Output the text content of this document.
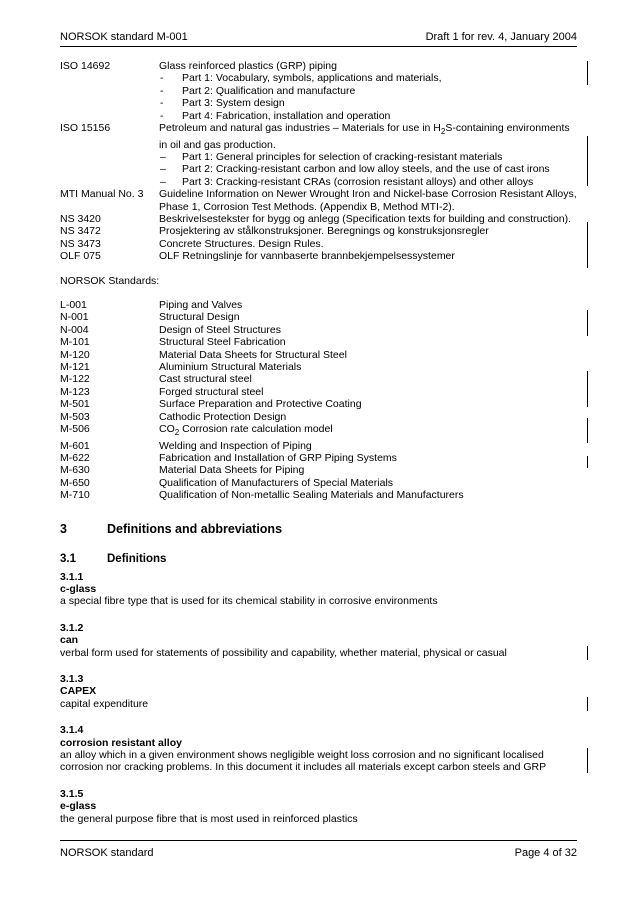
NORSOK standard M-001	Draft 1 for rev. 4, January 2004
ISO 14692	Glass reinforced plastics (GRP) piping
-	Part 1: Vocabulary, symbols, applications and materials,
-	Part 2: Qualification and manufacture
-	Part 3: System design
-	Part 4: Fabrication, installation and operation
ISO 15156	Petroleum and natural gas industries – Materials for use in $H_2S$-containing environments in oil and gas production.
–	Part 1: General principles for selection of cracking-resistant materials
–	Part 2: Cracking-resistant carbon and low alloy steels, and the use of cast irons
–	Part 3: Cracking-resistant CRAs (corrosion resistant alloys) and other alloys
MTI Manual No. 3	Guideline Information on Newer Wrought Iron and Nickel-base Corrosion Resistant Alloys, Phase 1, Corrosion Test Methods. (Appendix B, Method MTI-2).
NS 3420	Beskrivelsestekster for bygg og anlegg (Specification texts for building and construction).
NS 3472	Prosjektering av stålkonstruksjoner. Beregnings og konstruksjonsregler
NS 3473	Concrete Structures. Design Rules.
OLF 075	OLF Retningslinje for vannbaserte brannbekjempelsessystemer
NORSOK Standards:
L-001	Piping and Valves
N-001	Structural Design
N-004	Design of Steel Structures
M-101	Structural Steel Fabrication
M-120	Material Data Sheets for Structural Steel
M-121	Aluminium Structural Materials
M-122	Cast structural steel
M-123	Forged structural steel
M-501	Surface Preparation and Protective Coating
M-503	Cathodic Protection Design
M-506	$CO_2$ Corrosion rate calculation model
M-601	Welding and Inspection of Piping
M-622	Fabrication and Installation of GRP Piping Systems
M-630	Material Data Sheets for Piping
M-650	Qualification of Manufacturers of Special Materials
M-710	Qualification of Non-metallic Sealing Materials and Manufacturers
3	Definitions and abbreviations
3.1	Definitions
3.1.1
c-glass
a special fibre type that is used for its chemical stability in corrosive environments
3.1.2
can
verbal form used for statements of possibility and capability, whether material, physical or casual
3.1.3
CAPEX
capital expenditure
3.1.4
corrosion resistant alloy
an alloy which in a given environment shows negligible weight loss corrosion and no significant localised corrosion nor cracking problems. In this document it includes all materials except carbon steels and GRP
3.1.5
e-glass
the general purpose fibre that is most used in reinforced plastics
NORSOK standard	Page 4 of 32
